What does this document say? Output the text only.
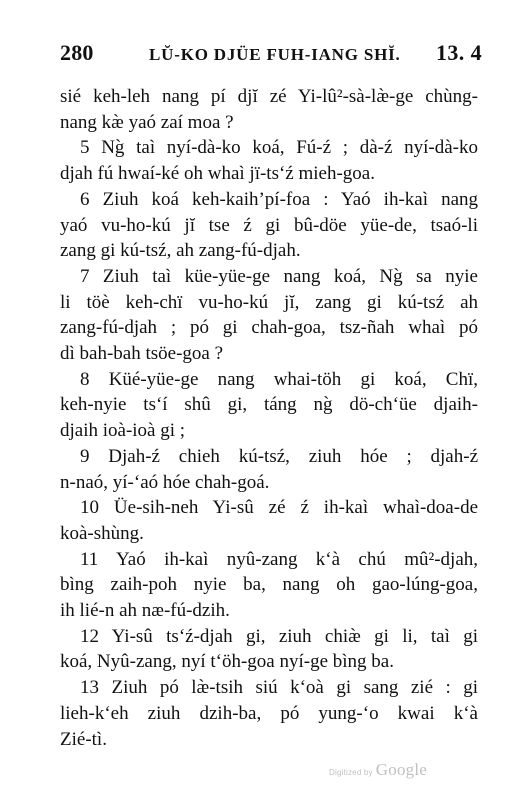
280	LŬ-KO DJÜE FUH-IANG SHĬ. 13. 4
sié keh-leh nang pí djĭ zé Yi-lû²-sà-læ̀-ge chùng-
nang kæ̀ yaó zaí moa ?
5 Ng̀ taì nyí-dà-ko koá, Fú-ź ; dà-ź nyí-dà-ko
djah fú hwaí-ké oh whaì jï-ts‘ź mieh-goa.
6 Ziuh koá keh-kaih’pí-foa : Yaó ih-kaì nang
yaó vu-ho-kú jĭ tse ź gi bû-döe yüe-de, tsaó-li
zang gi kú-tsź, ah zang-fú-djah.
7 Ziuh taì küe-yüe-ge nang koá, Ng̀ sa nyie
li töè keh-chï vu-ho-kú jĭ, zang gi kú-tsź ah
zang-fú-djah ; pó gi chah-goa, tsz-ñah whaì pó
dì bah-bah tsöe-goa ?
8 Küé-yüe-ge nang whai-töh gi koá, Chï,
keh-nyie ts‘í shû gi, táng ng̀ dö-ch‘üe djaih-
djaih ioà-ioà gi ;
9 Djah-ź chieh kú-tsź, ziuh hóe ; djah-ź
n-naó, yí-‘aó hóe chah-goá.
10 Üe-sih-neh Yi-sû zé ź ih-kaì whaì-doa-de
koà-shùng.
11 Yaó ih-kaì nyû-zang k‘à chú mû²-djah,
bìng zaih-poh nyie ba, nang oh gao-lúng-goa,
ih lié-n ah næ-fú-dzih.
12 Yi-sû ts‘ź-djah gi, ziuh chiæ̀ gi li, taì gi
koá, Nyû-zang, nyí t‘öh-goa nyí-ge bìng ba.
13 Ziuh pó læ̀-tsih siú k‘oà gi sang zié : gi
lieh-k‘eh ziuh dzih-ba, pó yung-‘o kwai k‘à
Zié-tì.
Digitized by Google
